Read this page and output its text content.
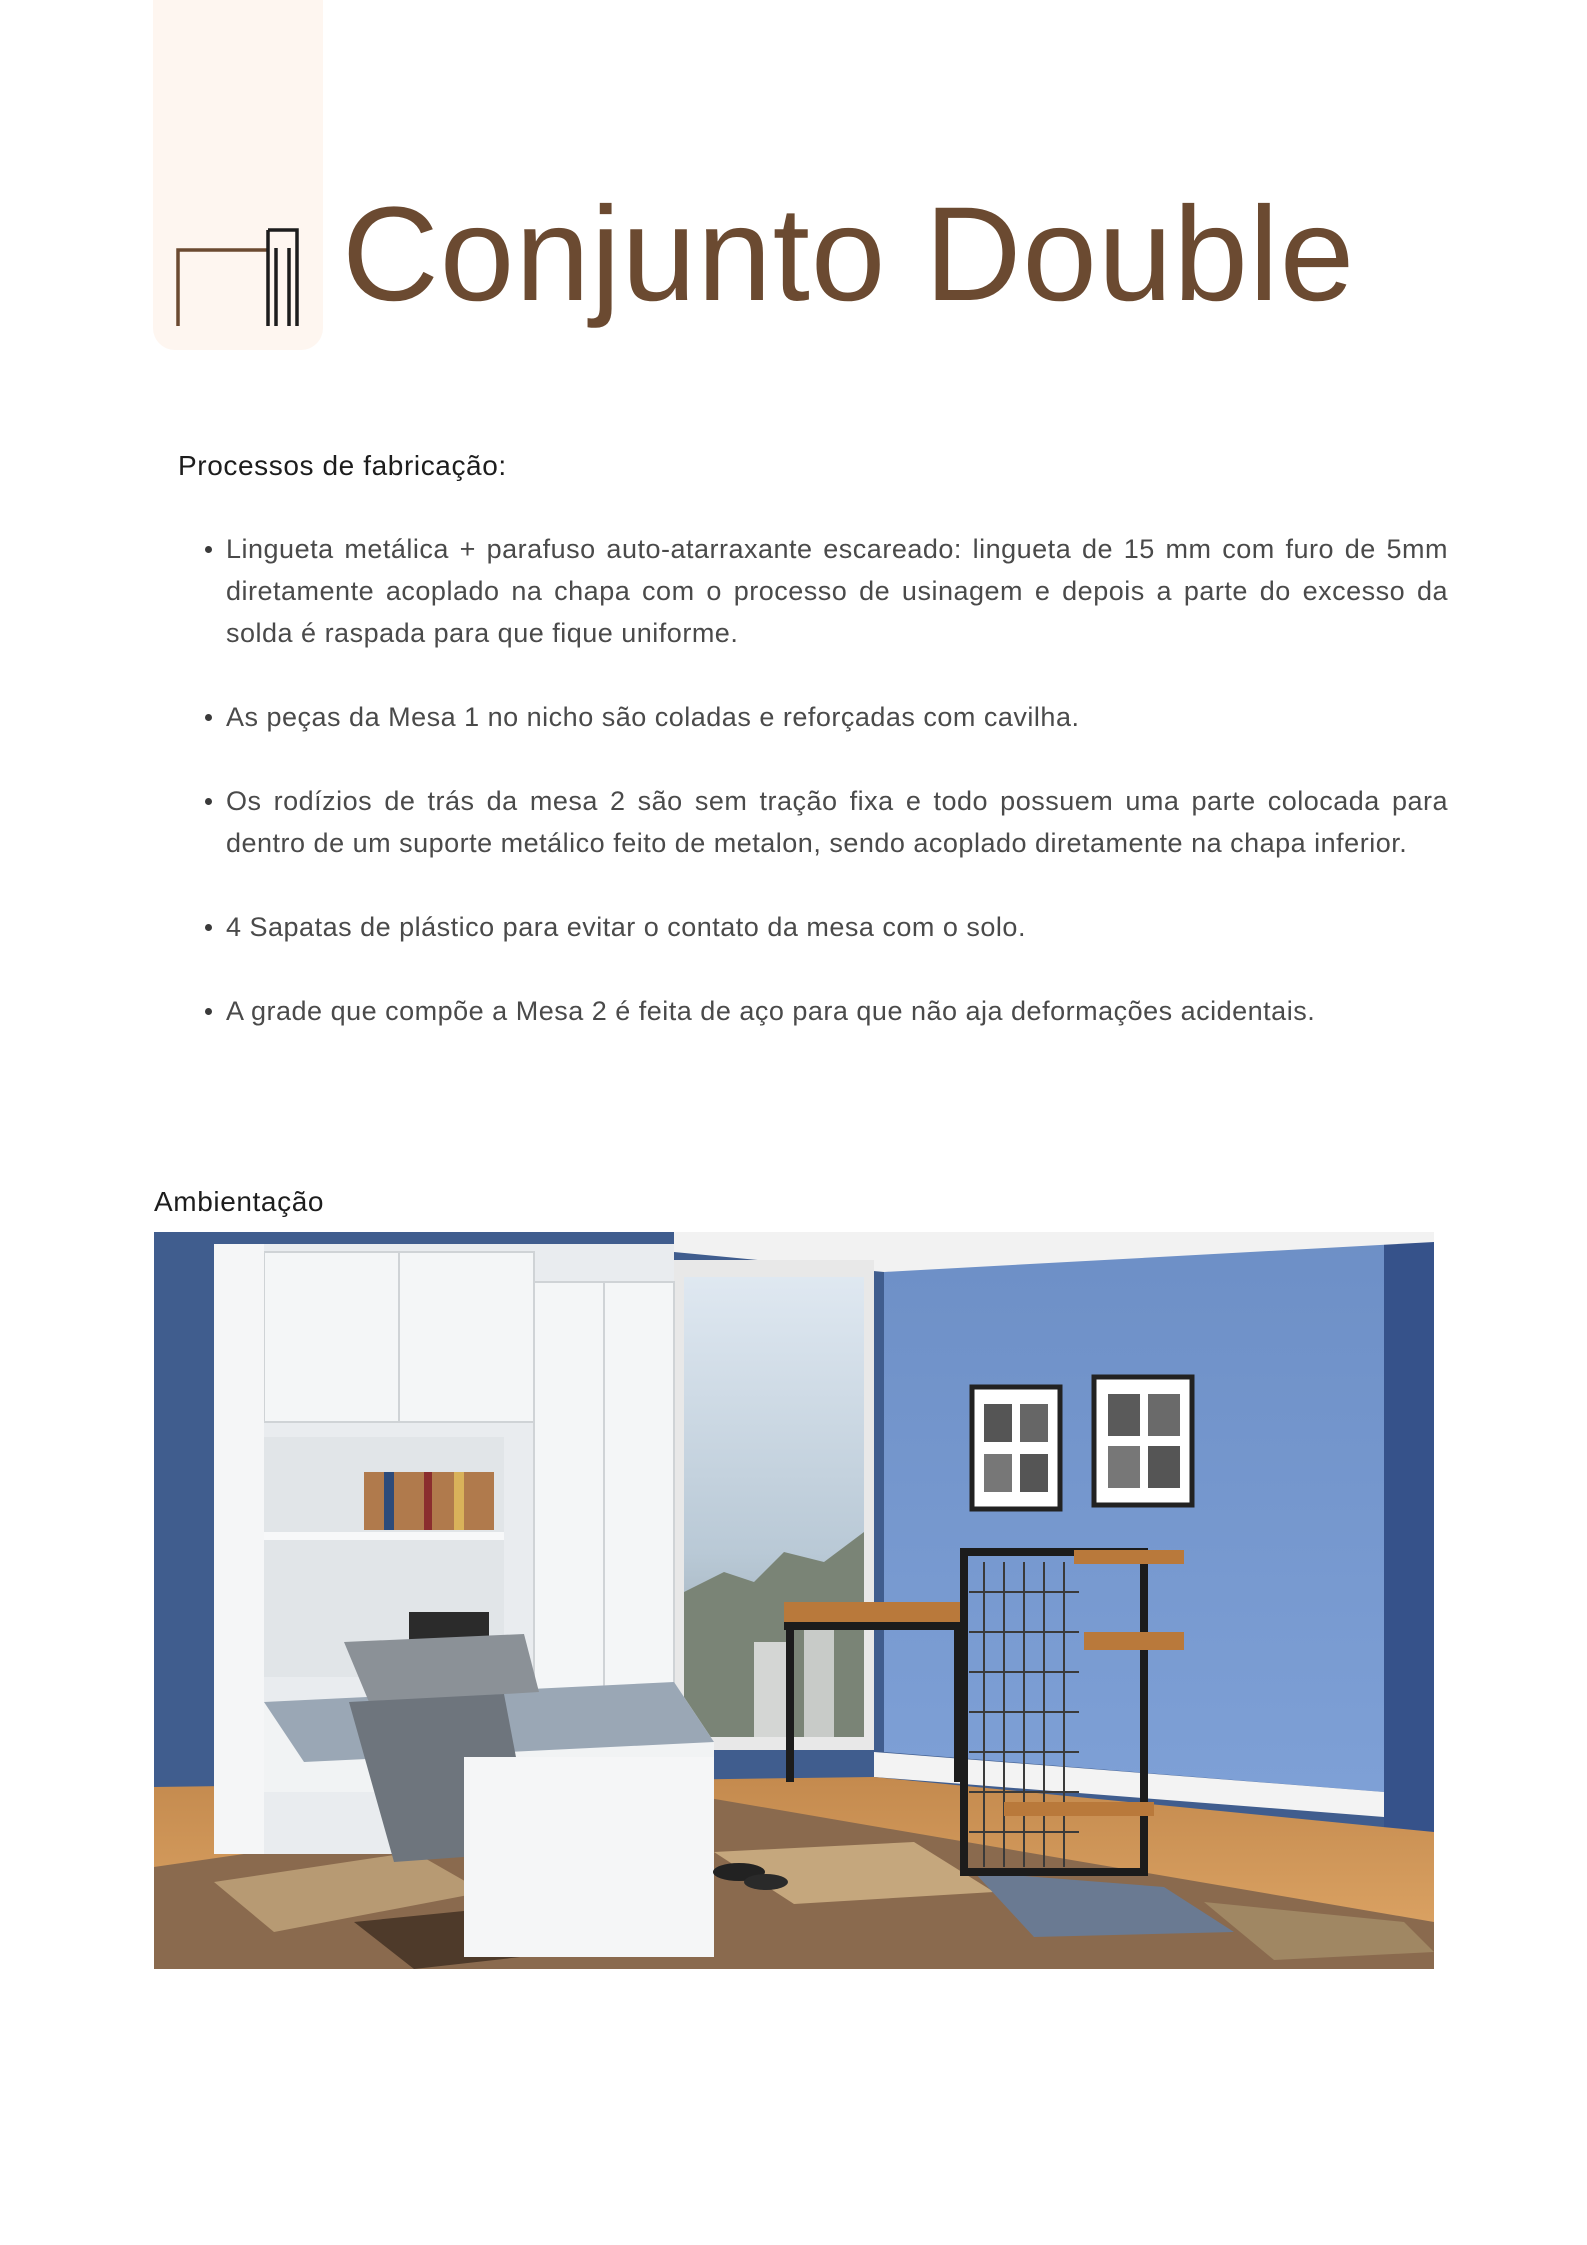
Conjunto Double
Processos de fabricação:
Lingueta metálica + parafuso auto-atarraxante escareado: lingueta de 15 mm com furo de 5mm diretamente acoplado na chapa com o processo de usinagem e depois a parte do excesso da solda é raspada para que fique uniforme.
As peças da Mesa 1 no nicho são coladas e reforçadas com cavilha.
Os rodízios de trás da mesa 2 são sem tração fixa e todo possuem uma parte colocada para dentro de um suporte metálico feito de metalon, sendo acoplado diretamente na chapa inferior.
4 Sapatas de plástico para evitar o contato da mesa com o solo.
A grade que compõe a Mesa 2 é feita de aço para que não aja deformações acidentais.
Ambientação
